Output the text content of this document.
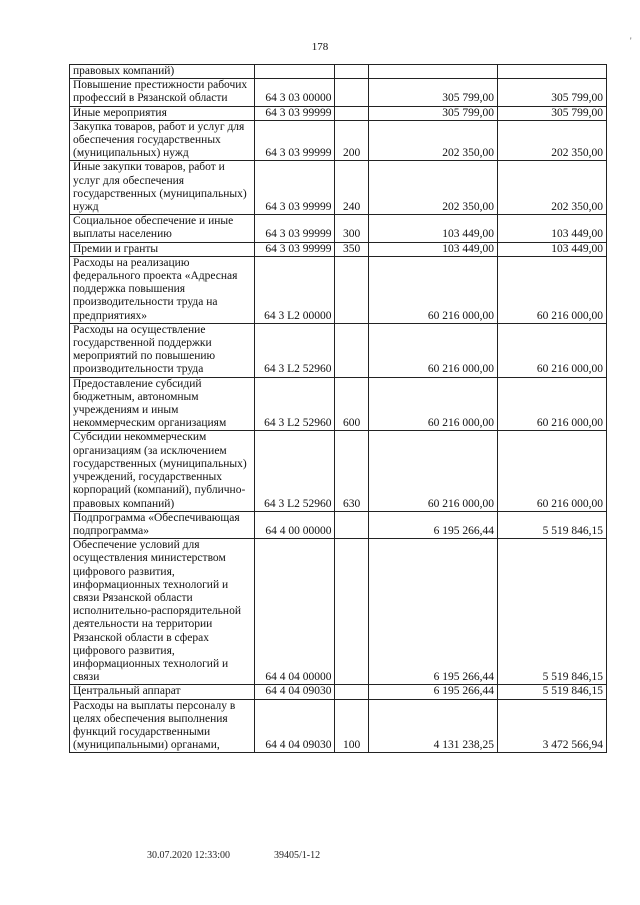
178	'
правовых компаний)				
Повышение престижности рабочих профессий в Рязанской области	64 3 03 00000		305 799,00	305 799,00
Иные мероприятия	64 3 03 99999		305 799,00	305 799,00
Закупка товаров, работ и услуг для обеспечения государственных (муниципальных) нужд	64 3 03 99999	200	202 350,00	202 350,00
Иные закупки товаров, работ и услуг для обеспечения государственных (муниципальных) нужд	64 3 03 99999	240	202 350,00	202 350,00
Социальное обеспечение и иные выплаты населению	64 3 03 99999	300	103 449,00	103 449,00
Премии и гранты	64 3 03 99999	350	103 449,00	103 449,00
Расходы на реализацию федерального проекта «Адресная поддержка повышения производительности труда на предприятиях»	64 3 L2 00000		60 216 000,00	60 216 000,00
Расходы на осуществление государственной поддержки мероприятий по повышению производительности труда	64 3 L2 52960		60 216 000,00	60 216 000,00
Предоставление субсидий бюджетным, автономным учреждениям и иным некоммерческим организациям	64 3 L2 52960	600	60 216 000,00	60 216 000,00
Субсидии некоммерческим организациям (за исключением государственных (муниципальных) учреждений, государственных корпораций (компаний), публично-правовых компаний)	64 3 L2 52960	630	60 216 000,00	60 216 000,00
Подпрограмма «Обеспечивающая подпрограмма»	64 4 00 00000		6 195 266,44	5 519 846,15
Обеспечение условий для осуществления министерством цифрового развития, информационных технологий и связи Рязанской области исполнительно-распорядительной деятельности на территории Рязанской области в сферах цифрового развития, информационных технологий и связи	64 4 04 00000		6 195 266,44	5 519 846,15
Центральный аппарат	64 4 04 09030		6 195 266,44	5 519 846,15
Расходы на выплаты персоналу в целях обеспечения выполнения функций государственными (муниципальными) органами,	64 4 04 09030	100	4 131 238,25	3 472 566,94
30.07.2020 12:33:00	39405/1-12
